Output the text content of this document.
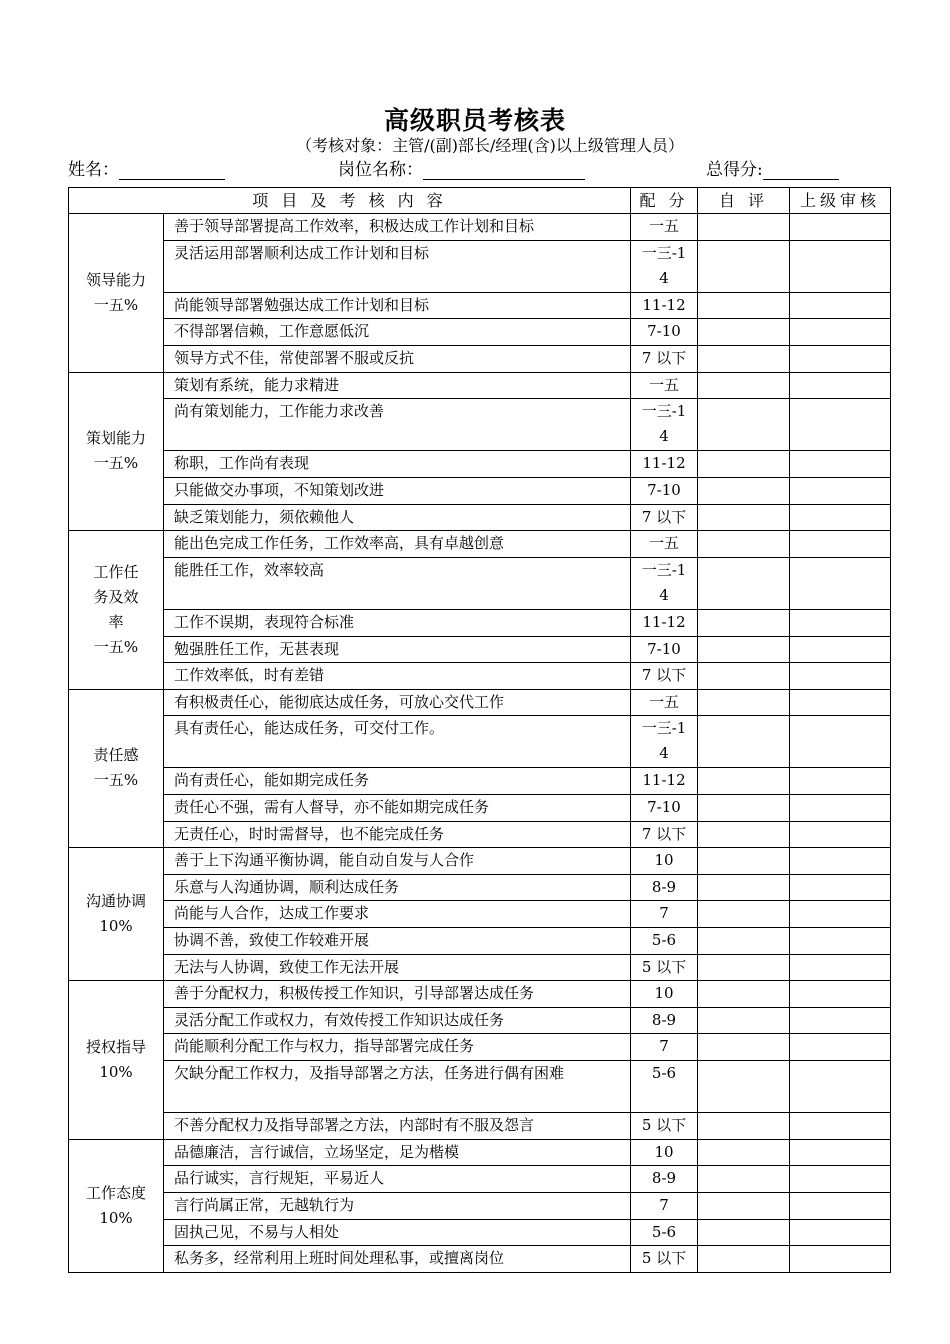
高级职员考核表
（考核对象：主管/(副)部长/经理(含)以上级管理人员）
姓名：	岗位名称：	总得分:
项 目 及 考 核 内 容		配 分	自 评	上级审核

领导能力
一五%	善于领导部署提高工作效率，积极达成工作计划和目标	一五		
	灵活运用部署顺利达成工作计划和目标	一三-14		
	尚能领导部署勉强达成工作计划和目标	11-12		
	不得部署信赖，工作意愿低沉	7-10		
	领导方式不佳，常使部署不服或反抗	7 以下		

策划能力
一五%	策划有系统，能力求精进	一五		
	尚有策划能力，工作能力求改善	一三-14		
	称职，工作尚有表现	11-12		
	只能做交办事项，不知策划改进	7-10		
	缺乏策划能力，须依赖他人	7 以下		

工作任务及效率
一五%	能出色完成工作任务，工作效率高，具有卓越创意	一五		
	能胜任工作，效率较高	一三-14		
	工作不误期，表现符合标准	11-12		
	勉强胜任工作，无甚表现	7-10		
	工作效率低，时有差错	7 以下		

责任感
一五%	有积极责任心，能彻底达成任务，可放心交代工作	一五		
	具有责任心，能达成任务，可交付工作。	一三-14		
	尚有责任心，能如期完成任务	11-12		
	责任心不强，需有人督导，亦不能如期完成任务	7-10		
	无责任心，时时需督导，也不能完成任务	7 以下		

沟通协调
10%	善于上下沟通平衡协调，能自动自发与人合作	10		
	乐意与人沟通协调，顺利达成任务	8-9		
	尚能与人合作，达成工作要求	7		
	协调不善，致使工作较难开展	5-6		
	无法与人协调，致使工作无法开展	5 以下		

授权指导
10%	善于分配权力，积极传授工作知识，引导部署达成任务	10		
	灵活分配工作或权力，有效传授工作知识达成任务	8-9		
	尚能顺利分配工作与权力，指导部署完成任务	7		
	欠缺分配工作权力，及指导部署之方法，任务进行偶有困难	5-6		
	不善分配权力及指导部署之方法，内部时有不服及怨言	5 以下		

工作态度
10%	品德廉洁，言行诚信，立场坚定，足为楷模	10		
	品行诚实，言行规矩，平易近人	8-9		
	言行尚属正常，无越轨行为	7		
	固执己见，不易与人相处	5-6		
	私务多，经常利用上班时间处理私事，或擅离岗位	5 以下		
